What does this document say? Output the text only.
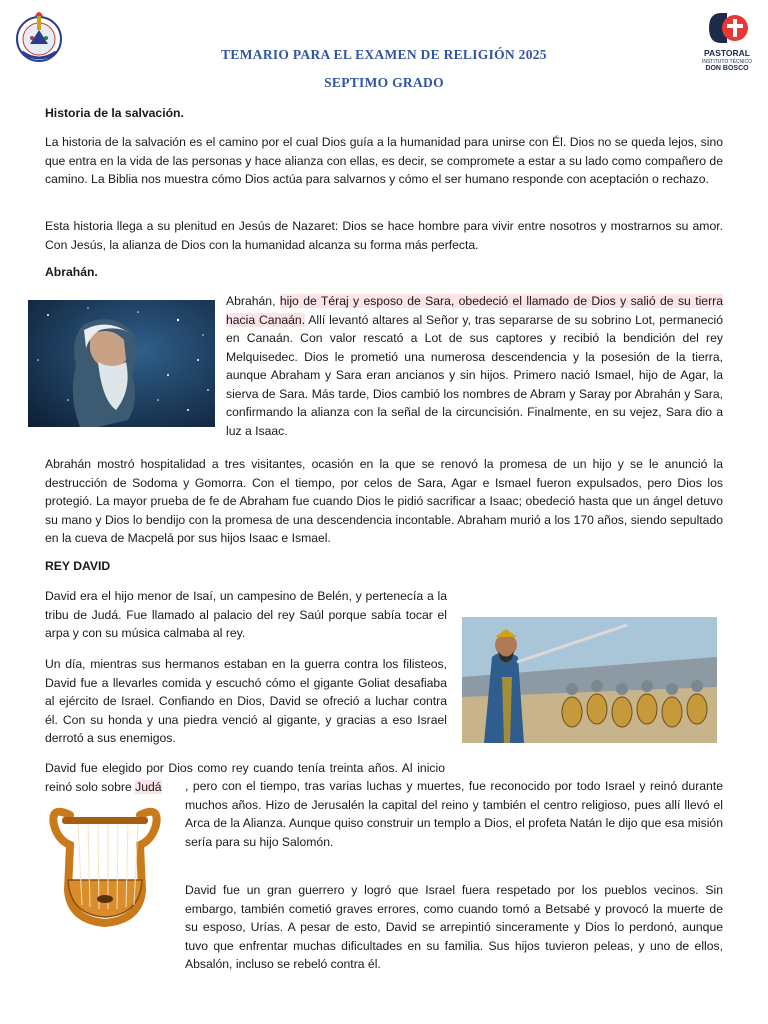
PASTORAL
INSTITUTO TÉCNICO
DON BOSCO
TEMARIO PARA EL EXAMEN DE RELIGIÓN 2025
SEPTIMO GRADO

Historia de la salvación.

La historia de la salvación es el camino por el cual Dios guía a la humanidad para unirse con Él. Dios no se queda lejos, sino que entra en la vida de las personas y hace alianza con ellas, es decir, se compromete a estar a su lado como compañero de camino. La Biblia nos muestra cómo Dios actúa para salvarnos y cómo el ser humano responde con aceptación o rechazo.

Esta historia llega a su plenitud en Jesús de Nazaret: Dios se hace hombre para vivir entre nosotros y mostrarnos su amor. Con Jesús, la alianza de Dios con la humanidad alcanza su forma más perfecta.

Abrahán.

Abrahán, hijo de Téraj y esposo de Sara, obedeció el llamado de Dios y salió de su tierra hacia Canaán. Allí levantó altares al Señor y, tras separarse de su sobrino Lot, permaneció en Canaán. Con valor rescató a Lot de sus captores y recibió la bendición del rey Melquisedec. Dios le prometió una numerosa descendencia y la posesión de la tierra, aunque Abraham y Sara eran ancianos y sin hijos. Primero nació Ismael, hijo de Agar, la sierva de Sara. Más tarde, Dios cambió los nombres de Abram y Saray por Abrahán y Sara, confirmando la alianza con la señal de la circuncisión. Finalmente, en su vejez, Sara dio a luz a Isaac.

Abrahán mostró hospitalidad a tres visitantes, ocasión en la que se renovó la promesa de un hijo y se le anunció la destrucción de Sodoma y Gomorra. Con el tiempo, por celos de Sara, Agar e Ismael fueron expulsados, pero Dios los protegió. La mayor prueba de fe de Abraham fue cuando Dios le pidió sacrificar a Isaac; obedeció hasta que un ángel detuvo su mano y Dios lo bendijo con la promesa de una descendencia incontable. Abraham murió a los 170 años, siendo sepultado en la cueva de Macpelá por sus hijos Isaac e Ismael.

REY DAVID

David era el hijo menor de Isaí, un campesino de Belén, y pertenecía a la tribu de Judá. Fue llamado al palacio del rey Saúl porque sabía tocar el arpa y con su música calmaba al rey.

Un día, mientras sus hermanos estaban en la guerra contra los filisteos, David fue a llevarles comida y escuchó cómo el gigante Goliat desafiaba al ejército de Israel. Confiando en Dios, David se ofreció a luchar contra él. Con su honda y una piedra venció al gigante, y gracias a eso Israel derrotó a sus enemigos.

David fue elegido por Dios como rey cuando tenía treinta años. Al inicio reinó solo sobre Judá	, pero con el tiempo, tras varias luchas y muertes, fue reconocido por todo Israel y reinó durante muchos años. Hizo de Jerusalén la capital del reino y también el centro religioso, pues allí llevó el Arca de la Alianza. Aunque quiso construir un templo a Dios, el profeta Natán le dijo que esa misión sería para su hijo Salomón.

David fue un gran guerrero y logró que Israel fuera respetado por los pueblos vecinos. Sin embargo, también cometió graves errores, como cuando tomó a Betsabé y provocó la muerte de su esposo, Urías. A pesar de esto, David se arrepintió sinceramente y Dios lo perdonó, aunque tuvo que enfrentar muchas dificultades en su familia. Sus hijos tuvieron peleas, y uno de ellos, Absalón, incluso se rebeló contra él.
